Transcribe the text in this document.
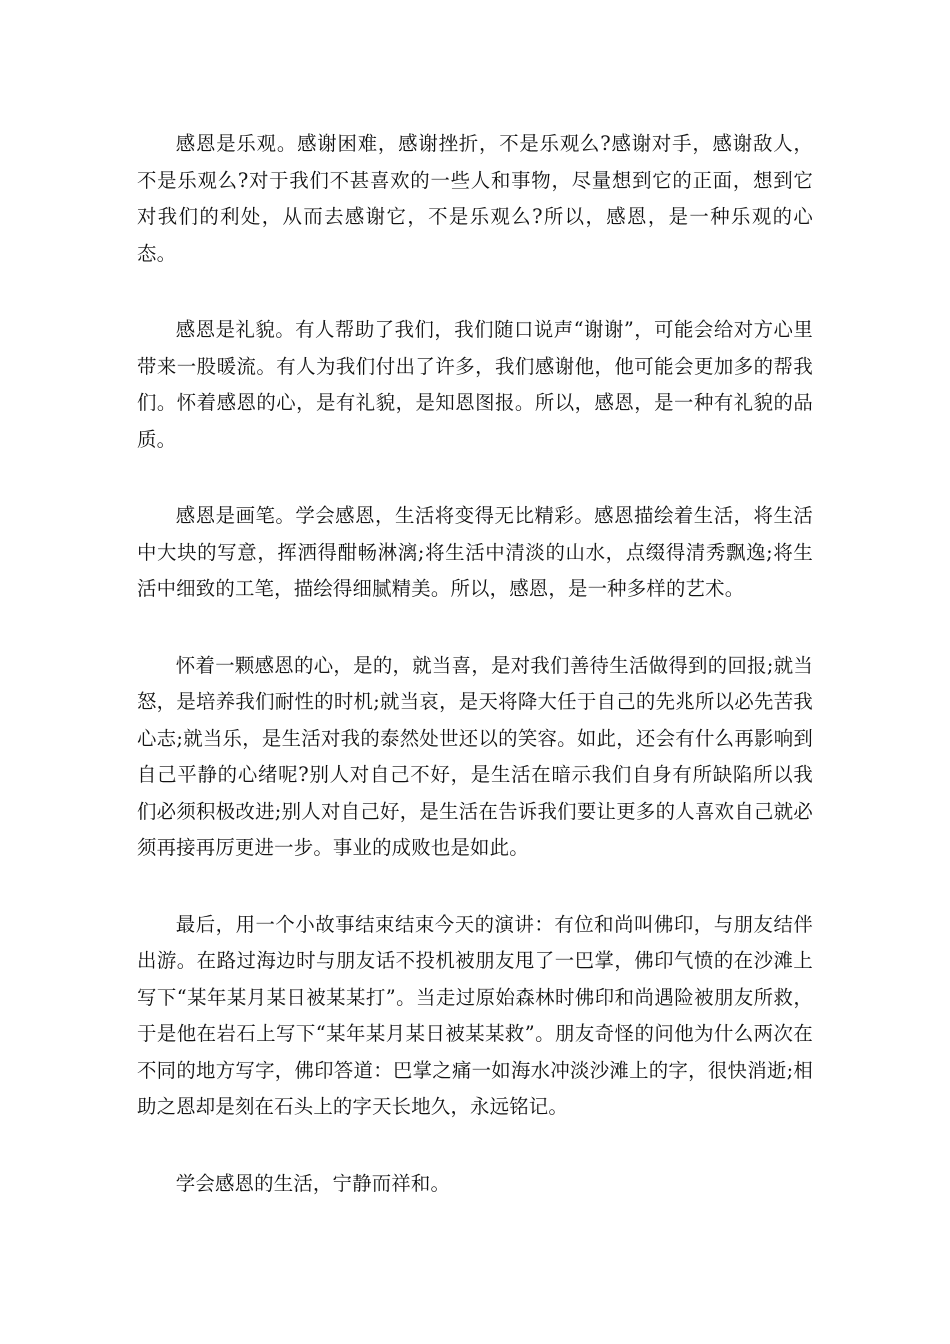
感恩是乐观。感谢困难，感谢挫折，不是乐观么?感谢对手，感谢敌人，不是乐观么?对于我们不甚喜欢的一些人和事物，尽量想到它的正面，想到它对我们的利处，从而去感谢它，不是乐观么?所以，感恩，是一种乐观的心态。

感恩是礼貌。有人帮助了我们，我们随口说声“谢谢”，可能会给对方心里带来一股暖流。有人为我们付出了许多，我们感谢他，他可能会更加多的帮我们。怀着感恩的心，是有礼貌，是知恩图报。所以，感恩，是一种有礼貌的品质。

感恩是画笔。学会感恩，生活将变得无比精彩。感恩描绘着生活，将生活中大块的写意，挥洒得酣畅淋漓;将生活中清淡的山水，点缀得清秀飘逸;将生活中细致的工笔，描绘得细腻精美。所以，感恩，是一种多样的艺术。

怀着一颗感恩的心，是的，就当喜，是对我们善待生活做得到的回报;就当怒，是培养我们耐性的时机;就当哀，是天将降大任于自己的先兆所以必先苦我心志;就当乐，是生活对我的泰然处世还以的笑容。如此，还会有什么再影响到自己平静的心绪呢?别人对自己不好，是生活在暗示我们自身有所缺陷所以我们必须积极改进;别人对自己好，是生活在告诉我们要让更多的人喜欢自己就必须再接再厉更进一步。事业的成败也是如此。

最后，用一个小故事结束结束今天的演讲：有位和尚叫佛印，与朋友结伴出游。在路过海边时与朋友话不投机被朋友甩了一巴掌，佛印气愤的在沙滩上写下“某年某月某日被某某打”。当走过原始森林时佛印和尚遇险被朋友所救，于是他在岩石上写下“某年某月某日被某某救”。朋友奇怪的问他为什么两次在不同的地方写字，佛印答道：巴掌之痛一如海水冲淡沙滩上的字，很快消逝;相助之恩却是刻在石头上的字天长地久，永远铭记。

学会感恩的生活，宁静而祥和。
